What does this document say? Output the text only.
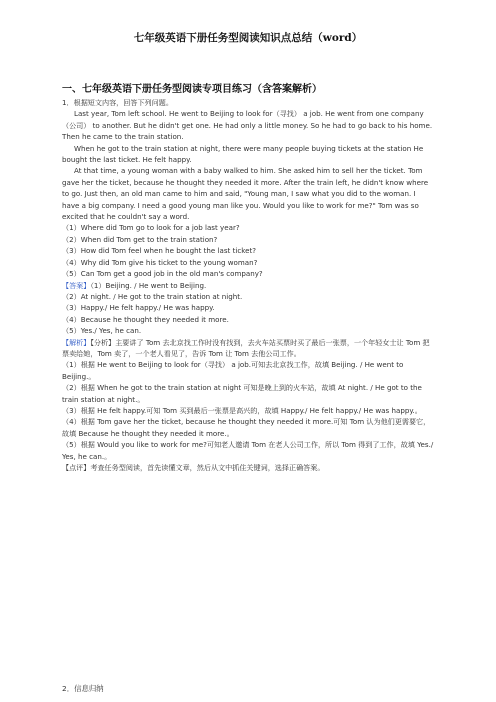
七年级英语下册任务型阅读知识点总结（word）
一、七年级英语下册任务型阅读专项目练习（含答案解析）

1．根据短文内容，回答下列问题。

Last year, Tom left school. He went to Beijing to look for（寻找） a job. He went from one company（公司） to another. But he didn't get one. He had only a little money. So he had to go back to his home. Then he came to the train station.

When he got to the train station at night, there were many people buying tickets at the station He bought the last ticket. He felt happy.

At that time, a young woman with a baby walked to him. She asked him to sell her the ticket. Tom gave her the ticket, because he thought they needed it more. After the train left, he didn't know where to go. Just then, an old man came to him and said, "Young man, I saw what you did to the woman. I have a big company. I need a good young man like you. Would you like to work for me?" Tom was so excited that he couldn't say a word.

（1）Where did Tom go to look for a job last year?

（2）When did Tom get to the train station?

（3）How did Tom feel when he bought the last ticket?

（4）Why did Tom give his ticket to the young woman?

（5）Can Tom get a good job in the old man's company?

【答案】（1）Beijing. / He went to Beijing.

（2）At night. / He got to the train station at night.

（3）Happy./ He felt happy./ He was happy.

（4）Because he thought they needed it more.

（5）Yes./ Yes, he can.

【解析】【分析】主要讲了 Tom 去北京找工作时没有找到，去火车站买票时买了最后一张票，一个年轻女士让 Tom 把票卖给她，Tom 卖了，一个老人看见了，告诉 Tom 让 Tom 去他公司工作。

（1）根据 He went to Beijing to look for（寻找） a job.可知去北京找工作，故填 Beijing. / He went to Beijing.。

（2）根据 When he got to the train station at night 可知是晚上到的火车站，故填 At night. / He got to the train station at night.。

（3）根据 He felt happy.可知 Tom 买到最后一张票是高兴的，故填 Happy./ He felt happy./ He was happy.。

（4）根据 Tom gave her the ticket, because he thought they needed it more.可知 Tom 认为他们更需要它，故填 Because he thought they needed it more.。

（5）根据 Would you like to work for me?可知老人邀请 Tom 在老人公司工作，所以 Tom 得到了工作，故填 Yes./ Yes, he can.。

【点评】考查任务型阅读，首先读懂文章，然后从文中抓住关键词，选择正确答案。

2．信息归纳
